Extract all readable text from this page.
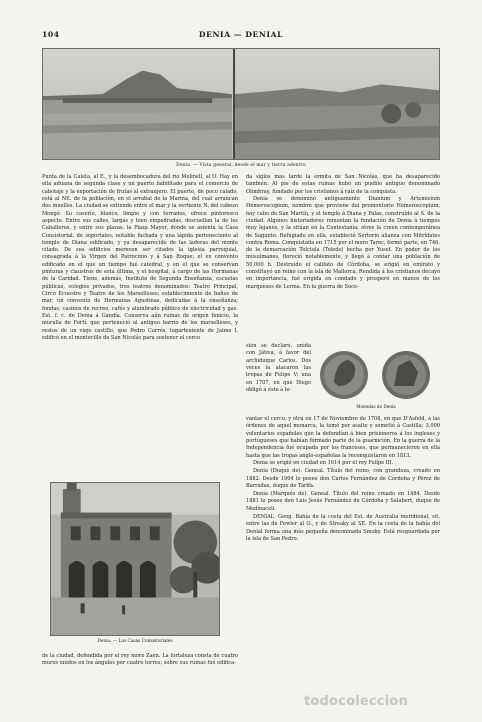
104	DENIA — DENIAL
Denia. — Vista general, desde el mar y tierra adentro

Punta de la Caleta, al E., y la desembocadura del río Molinell, al O. Hay en ella aduana de segunda clase y un puerto habilitado para el comercio de cabotaje y la exportación de frutas al extranjero. El puerto, de poco calado, está al NE. de la población, en el arrabal de la Marina, del cual arrancan dos muelles. La ciudad se extiende entre el mar y la vertiente N. del cabezo Mongó. Su caserío, blanco, limpio y con terrados, ofrece pintoresco aspecto. Entre sus calles, largas y bien empedradas, descuellan la de los Caballeros, y entre sus plazas, la Plaza Mayor, donde se asienta la Casa Consistorial, de soportales, notable fachada y una lápida perteneciente al templo de Diana edificado, y ya desaparecido de las laderas del monte citado. De sus edificios merecen ser citados la iglesia parroquial, consagrada á la Virgen del Patrocinio y á San Roque; el ex convento edificado en el que un tiempo fué catedral, y en el que se conservan pinturas y claustros de esta última, y el hospital, á cargo de las Hermanas de la Caridad. Tiene, además, Instituto de Segunda Enseñanza, escuelas públicas, colegios privados, tres teatros denominados: Teatro Principal, Circo Ecuestre y Teatro de los Marselleses; establecimiento de baños de mar, un convento de Hermanas Agustinas, dedicadas á la enseñanza; fondas, casinos de recreo, cafés y alumbrado público de electricidad y gas. Est. f. c. de Denia á Gandía. Conserva aún ruinas de origen fenicio, la muralla de Fortí, que perteneció al antiguo barrio de los marselleses, y restos de un viejo castillo, que Pedro Carrós, lugarteniente de Jaime I, edificó en el montecillo de San Nicolás para sostener el cerco

Denia. — Las Casas Consistoriales

de la ciudad, defendida por el rey moro Zaén. La fortaleza consta de cuatro muros unidos en los ángulos por cuatro torres; sobre sus ruinas fué edifica-

da siglos más tarde la ermita de San Nicolás, que ha desaparecido también. Al pie de estas ruinas hubo un pueblo antiguo denominado Olimbray, fundado por los cristianos á raíz de la conquista.

Denia se denominó antiguamente Dianium y Artemisium Hemeroscopium, nombre que proviene del promontorio Hemeroscopium, hoy cabo de San Martín, y el templo á Diana y Palas, construído al S. de la ciudad. Algunos historiadores remontan la fundación de Denia á tiempos muy lejanos, y la sitúan en la Contestania; otros la creen contemporánea de Sagunto. Refugiado en ella, estableció Sertorio alianza con Mitrídates contra Roma. Conquistada en 1715 por el moro Tarec, formó parte, en 746, de la demarcación Tolctola (Toledo) hecha por Yusef. En poder de los musulmanes, floreció notablemente, y llegó á contar una población de 50,000 h. Destruido el califato de Córdoba, se erigió en emirato y constituyó un reino con la isla de Mallorca. Rendida á los cristianos decayó en importancia, fué erigida en condado y prosperó en manos de los marqueses de Lerma. En la guerra de Suce-

sión se declaró, unida con Játiva, á favor del archiduque Carlos. Dos veces la atacaron las tropas de Felipe V; una en 1707, en que Diego obligó á éste á le-

Monedas de Denia

vantar el cerco, y otra en 17 de Noviembre de 1708, en que D'Asfeld, á las órdenes de aquel monarca, la tomó por asalto y sometió á Castilla; 3,000 voluntarios españoles que la defendían á bien prisioneros á los ingleses y portugueses que habían formado parte de la guarnición. En la guerra de la Independencia fué ocupada por los franceses, que permanecieron en ella hasta que las tropas anglo-españolas la reconquistaron en 1813.

Denia se erigió en ciudad en 1614 por el rey Felipe III.

Denia (Duque de). Geneal. Título del reino, con grandeza, creado en 1882. Desde 1904 lo posee don Carlos Fernández de Córdoba y Pérez de Barradas, duque de Tarifa.

Denia (Marqués de). Geneal. Título del reino creado en 1484. Desde 1881 lo posee don Luis Jesús Fernández de Córdoba y Salabert, duque de Medinaceli.

DENIAL. Geog. Bahía de la costa del Est. de Australia meridional, sit. entre las de Fowler al O., y de Streaky al SE. En la costa de la bahía del Denial forma una más pequeña denominada Smoky. Está resguardada por la isla de San Pedro.

todocoleccion
